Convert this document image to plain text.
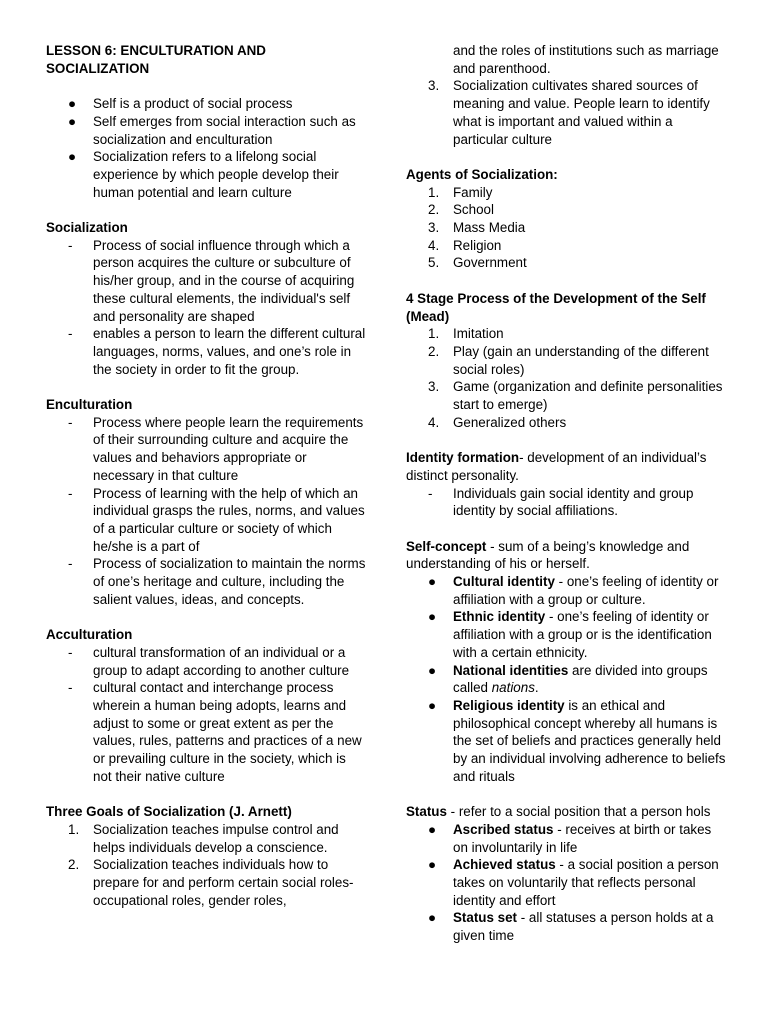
LESSON 6: ENCULTURATION AND SOCIALIZATION
● Self is a product of social process
● Self emerges from social interaction such as socialization and enculturation
● Socialization refers to a lifelong social experience by which people develop their human potential and learn culture
Socialization
- Process of social influence through which a person acquires the culture or subculture of his/her group, and in the course of acquiring these cultural elements, the individual's self and personality are shaped
- enables a person to learn the different cultural languages, norms, values, and one’s role in the society in order to fit the group.
Enculturation
- Process where people learn the requirements of their surrounding culture and acquire the values and behaviors appropriate or necessary in that culture
- Process of learning with the help of which an individual grasps the rules, norms, and values of a particular culture or society of which he/she is a part of
- Process of socialization to maintain the norms of one’s heritage and culture, including the salient values, ideas, and concepts.
Acculturation
- cultural transformation of an individual or a group to adapt according to another culture
- cultural contact and interchange process wherein a human being adopts, learns and adjust to some or great extent as per the values, rules, patterns and practices of a new or prevailing culture in the society, which is not their native culture
Three Goals of Socialization (J. Arnett)
1.	Socialization teaches impulse control and helps individuals develop a conscience.
2.	Socialization teaches individuals how to prepare for and perform certain social roles- occupational roles, gender roles,
and the roles of institutions such as marriage and parenthood.
3.	Socialization cultivates shared sources of meaning and value. People learn to identify what is important and valued within a particular culture
Agents of Socialization:
1.	Family
2.	School
3.	Mass Media
4.	Religion
5.	Government
4 Stage Process of the Development of the Self (Mead)
1.	Imitation
2.	Play (gain an understanding of the different social roles)
3.	Game (organization and definite personalities start to emerge)
4.	Generalized others
Identity formation- development of an individual’s distinct personality.
- Individuals gain social identity and group identity by social affiliations.
Self-concept - sum of a being’s knowledge and understanding of his or herself.
● Cultural identity - one’s feeling of identity or affiliation with a group or culture.
● Ethnic identity - one’s feeling of identity or affiliation with a group or is the identification with a certain ethnicity.
● National identities are divided into groups called nations.
● Religious identity is an ethical and philosophical concept whereby all humans is the set of beliefs and practices generally held by an individual involving adherence to beliefs and rituals
Status - refer to a social position that a person hols
● Ascribed status - receives at birth or takes on involuntarily in life
● Achieved status - a social position a person takes on voluntarily that reflects personal identity and effort
● Status set - all statuses a person holds at a given time
